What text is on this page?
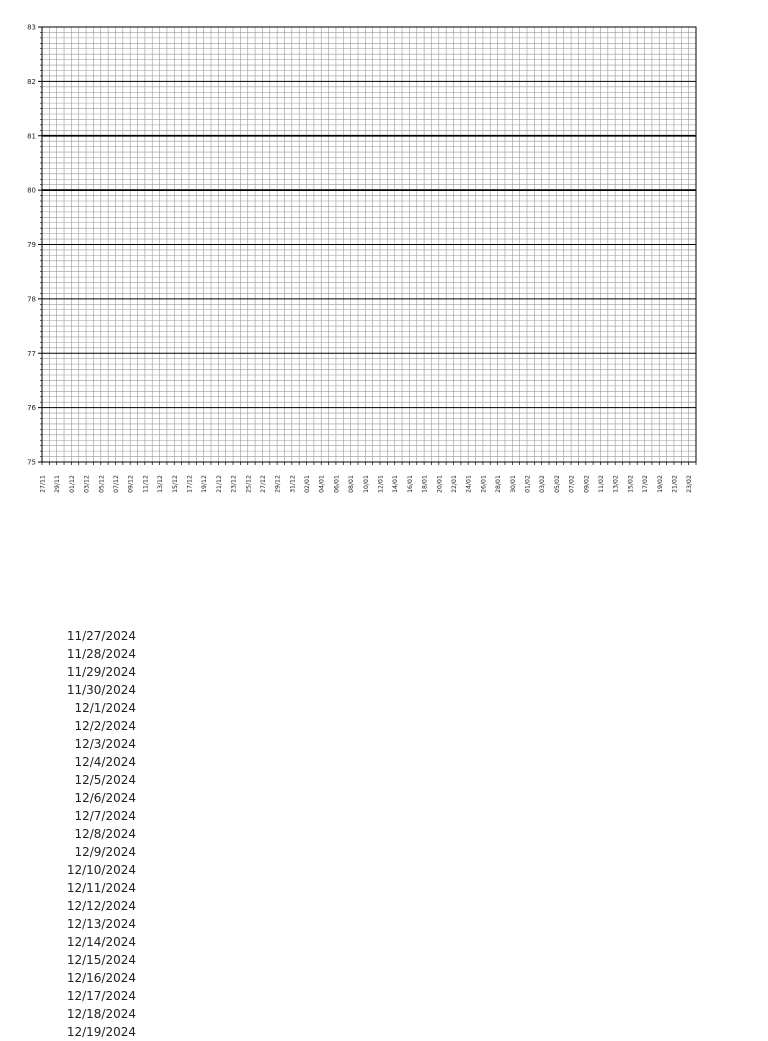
75
76
77
78
79
80
81
82
83
27/11 29/11 01/12 03/12 05/12 07/12 09/12 11/12 13/12 15/12 17/12 19/12 21/12 23/12 25/12 27/12 29/12 31/12 02/01 04/01 06/01 08/01 10/01 12/01 14/01 16/01 18/01 20/01 22/01 24/01 26/01 28/01 30/01 01/02 03/02 05/02 07/02 09/02 11/02 13/02 15/02 17/02 19/02 21/02 23/02
11/27/2024
11/28/2024
11/29/2024
11/30/2024
12/1/2024
12/2/2024
12/3/2024
12/4/2024
12/5/2024
12/6/2024
12/7/2024
12/8/2024
12/9/2024
12/10/2024
12/11/2024
12/12/2024
12/13/2024
12/14/2024
12/15/2024
12/16/2024
12/17/2024
12/18/2024
12/19/2024
